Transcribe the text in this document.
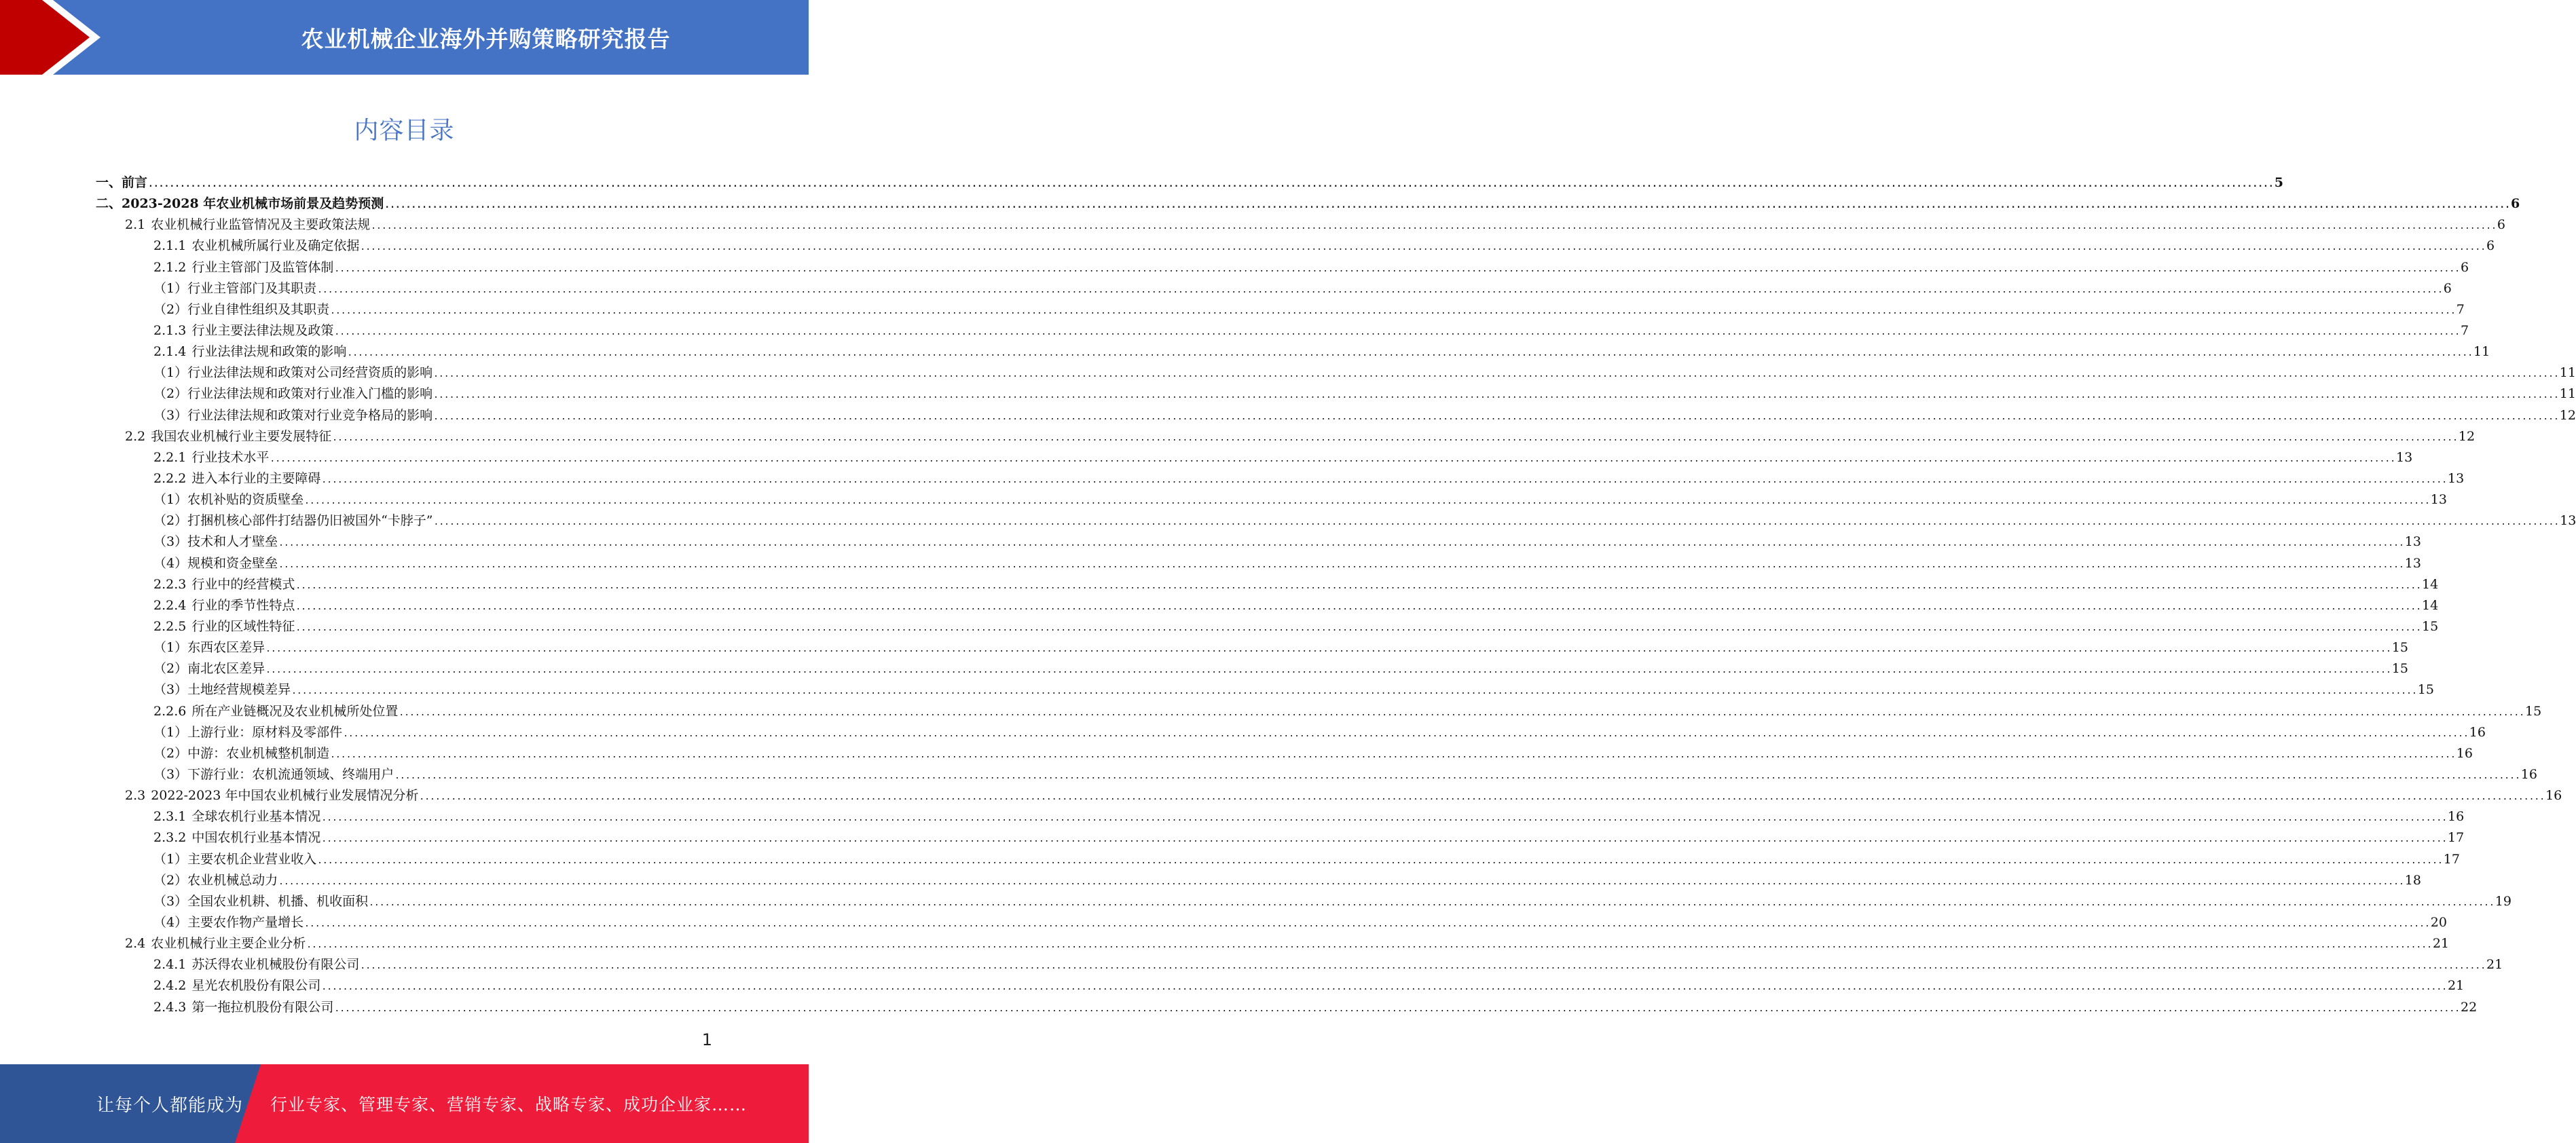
农业机械企业海外并购策略研究报告
内容目录
一、 前言 ................................................................................................................................................................................................................................................................................................................................................................................................................ 5
二、 2023-2028 年农业机械市场前景及趋势预测 ................................................................................................................................................................................................................................................................................................................................................................................................................ 6
2.1 农业机械行业监管情况及主要政策法规 ................................................................................................................................................................................................................................................................................................................................................................................................................ 6
2.1.1 农业机械所属行业及确定依据 ................................................................................................................................................................................................................................................................................................................................................................................................................ 6
2.1.2 行业主管部门及监管体制 ................................................................................................................................................................................................................................................................................................................................................................................................................ 6
（1） 行业主管部门及其职责 ................................................................................................................................................................................................................................................................................................................................................................................................................ 6
（2） 行业自律性组织及其职责 ................................................................................................................................................................................................................................................................................................................................................................................................................ 7
2.1.3 行业主要法律法规及政策 ................................................................................................................................................................................................................................................................................................................................................................................................................ 7
2.1.4 行业法律法规和政策的影响 ................................................................................................................................................................................................................................................................................................................................................................................................................ 11
（1） 行业法律法规和政策对公司经营资质的影响 ................................................................................................................................................................................................................................................................................................................................................................................................................ 11
（2） 行业法律法规和政策对行业准入门槛的影响 ................................................................................................................................................................................................................................................................................................................................................................................................................ 11
（3） 行业法律法规和政策对行业竞争格局的影响 ................................................................................................................................................................................................................................................................................................................................................................................................................ 12
2.2 我国农业机械行业主要发展特征 ................................................................................................................................................................................................................................................................................................................................................................................................................ 12
2.2.1 行业技术水平 ................................................................................................................................................................................................................................................................................................................................................................................................................ 13
2.2.2 进入本行业的主要障碍 ................................................................................................................................................................................................................................................................................................................................................................................................................ 13
（1） 农机补贴的资质壁垒 ................................................................................................................................................................................................................................................................................................................................................................................................................ 13
（2） 打捆机核心部件打结器仍旧被国外“卡脖子” ................................................................................................................................................................................................................................................................................................................................................................................................................ 13
（3） 技术和人才壁垒 ................................................................................................................................................................................................................................................................................................................................................................................................................ 13
（4） 规模和资金壁垒 ................................................................................................................................................................................................................................................................................................................................................................................................................ 13
2.2.3 行业中的经营模式 ................................................................................................................................................................................................................................................................................................................................................................................................................ 14
2.2.4 行业的季节性特点 ................................................................................................................................................................................................................................................................................................................................................................................................................ 14
2.2.5 行业的区域性特征 ................................................................................................................................................................................................................................................................................................................................................................................................................ 15
（1） 东西农区差异 ................................................................................................................................................................................................................................................................................................................................................................................................................ 15
（2） 南北农区差异 ................................................................................................................................................................................................................................................................................................................................................................................................................ 15
（3） 土地经营规模差异 ................................................................................................................................................................................................................................................................................................................................................................................................................ 15
2.2.6 所在产业链概况及农业机械所处位置 ................................................................................................................................................................................................................................................................................................................................................................................................................ 15
（1） 上游行业：原材料及零部件 ................................................................................................................................................................................................................................................................................................................................................................................................................ 16
（2） 中游：农业机械整机制造 ................................................................................................................................................................................................................................................................................................................................................................................................................ 16
（3） 下游行业：农机流通领域、终端用户 ................................................................................................................................................................................................................................................................................................................................................................................................................ 16
2.3 2022-2023 年中国农业机械行业发展情况分析 ................................................................................................................................................................................................................................................................................................................................................................................................................ 16
2.3.1 全球农机行业基本情况 ................................................................................................................................................................................................................................................................................................................................................................................................................ 16
2.3.2 中国农机行业基本情况 ................................................................................................................................................................................................................................................................................................................................................................................................................ 17
（1） 主要农机企业营业收入 ................................................................................................................................................................................................................................................................................................................................................................................................................ 17
（2） 农业机械总动力 ................................................................................................................................................................................................................................................................................................................................................................................................................ 18
（3） 全国农业机耕、机播、机收面积 ................................................................................................................................................................................................................................................................................................................................................................................................................ 19
（4） 主要农作物产量增长 ................................................................................................................................................................................................................................................................................................................................................................................................................ 20
2.4 农业机械行业主要企业分析 ................................................................................................................................................................................................................................................................................................................................................................................................................ 21
2.4.1 苏沃得农业机械股份有限公司 ................................................................................................................................................................................................................................................................................................................................................................................................................ 21
2.4.2 星光农机股份有限公司 ................................................................................................................................................................................................................................................................................................................................................................................................................ 21
2.4.3 第一拖拉机股份有限公司 ................................................................................................................................................................................................................................................................................................................................................................................................................ 22
1
让每个人都能成为 行业专家、管理专家、营销专家、战略专家、成功企业家……
